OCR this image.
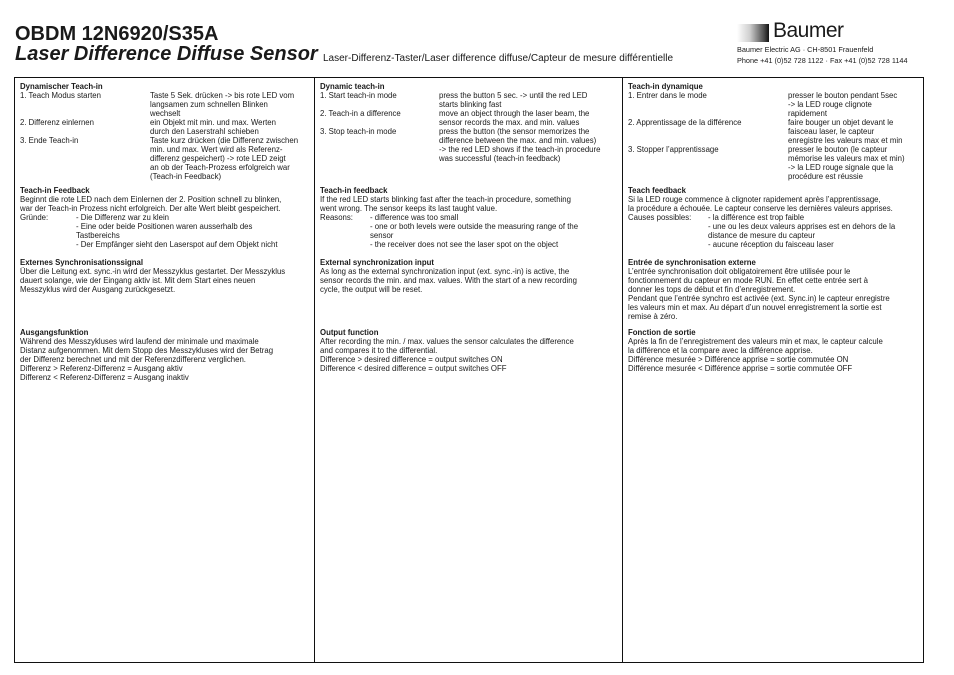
OBDM 12N6920/S35A
Laser Difference Diffuse Sensor Laser-Differenz-Taster/Laser difference diffuse/Capteur de mesure différentielle
Baumer
Baumer Electric AG · CH-8501 Frauenfeld
Phone +41 (0)52 728 1122 · Fax +41 (0)52 728 1144
Dynamischer Teach-in
1. Teach Modus starten	Taste 5 Sek. drücken -> bis rote LED vom
langsamen zum schnellen Blinken
wechselt
2. Differenz einlernen	ein Objekt mit min. und max. Werten
durch den Laserstrahl schieben
3. Ende Teach-in	Taste kurz drücken (die Differenz zwischen
min. und max. Wert wird als Referenz-
differenz gespeichert) -> rote LED zeigt
an ob der Teach-Prozess erfolgreich war
(Teach-in Feedback)
Teach-in Feedback
Beginnt die rote LED nach dem Einlernen der 2. Position schnell zu blinken,
war der Teach-in Prozess nicht erfolgreich. Der alte Wert bleibt gespeichert.
Gründe:	- Die Differenz war zu klein
- Eine oder beide Positionen waren ausserhalb des
Tastbereichs
- Der Empfänger sieht den Laserspot auf dem Objekt nicht
Externes Synchronisationssignal
Über die Leitung ext. sync.-in wird der Messzyklus gestartet. Der Messzyklus
dauert solange, wie der Eingang aktiv ist. Mit dem Start eines neuen
Messzyklus wird der Ausgang zurückgesetzt.
Ausgangsfunktion
Während des Messzykluses wird laufend der minimale und maximale
Distanz aufgenommen. Mit dem Stopp des Messzykluses wird der Betrag
der Differenz berechnet und mit der Referenzdifferenz verglichen.
Differenz > Referenz-Differenz = Ausgang aktiv
Differenz < Referenz-Differenz = Ausgang inaktiv
Dynamic teach-in
1. Start teach-in mode	press the button 5 sec. -> until the red LED
starts blinking fast
2. Teach-in a difference	move an object through the laser beam, the
sensor records the max. and min. values
3. Stop teach-in mode	press the button (the sensor memorizes the
difference between the max. and min. values)
-> the red LED shows if the teach-in procedure
was successful (teach-in feedback)
Teach-in feedback
If the red LED starts blinking fast after the teach-in procedure, something
went wrong. The sensor keeps its last taught value.
Reasons:	- difference was too small
- one or both levels were outside the measuring range of the
sensor
- the receiver does not see the laser spot on the object
External synchronization input
As long as the external synchronization input (ext. sync.-in) is active, the
sensor records the min. and max. values. With the start of a new recording
cycle, the output will be reset.
Output function
After recording the min. / max. values the sensor calculates the difference
and compares it to the differential.
Difference > desired difference = output switches ON
Difference < desired difference = output switches OFF
Teach-in dynamique
1. Entrer dans le mode	presser le bouton pendant 5sec
-> la LED rouge clignote
rapidement
2. Apprentissage de la différence	faire bouger un objet devant le
faisceau laser, le capteur
enregistre les valeurs max et min
3. Stopper l’apprentissage	presser le bouton (le capteur
mémorise les valeurs max et min)
-> la LED rouge signale que la
procédure est réussie
Teach feedback
Si la LED rouge commence à clignoter rapidement après l’apprentissage,
la procédure a échouée. Le capteur conserve les dernières valeurs apprises.
Causes possibles:	- la différence est trop faible
- une ou les deux valeurs apprises est en dehors de la
distance de mesure du capteur
- aucune réception du faisceau laser
Entrée de synchronisation externe
L’entrée synchronisation doit obligatoirement être utilisée pour le
fonctionnement du capteur en mode RUN. En effet cette entrée sert à
donner les tops de début et fin d’enregistrement.
Pendant que l’entrée synchro est activée (ext. Sync.in) le capteur enregistre
les valeurs min et max. Au départ d’un nouvel enregistrement la sortie est
remise à zéro.
Fonction de sortie
Après la fin de l’enregistrement des valeurs min et max, le capteur calcule
la différence et la compare avec la différence apprise.
Différence mesurée > Différence apprise = sortie commutée ON
Différence mesurée < Différence apprise = sortie commutée OFF
